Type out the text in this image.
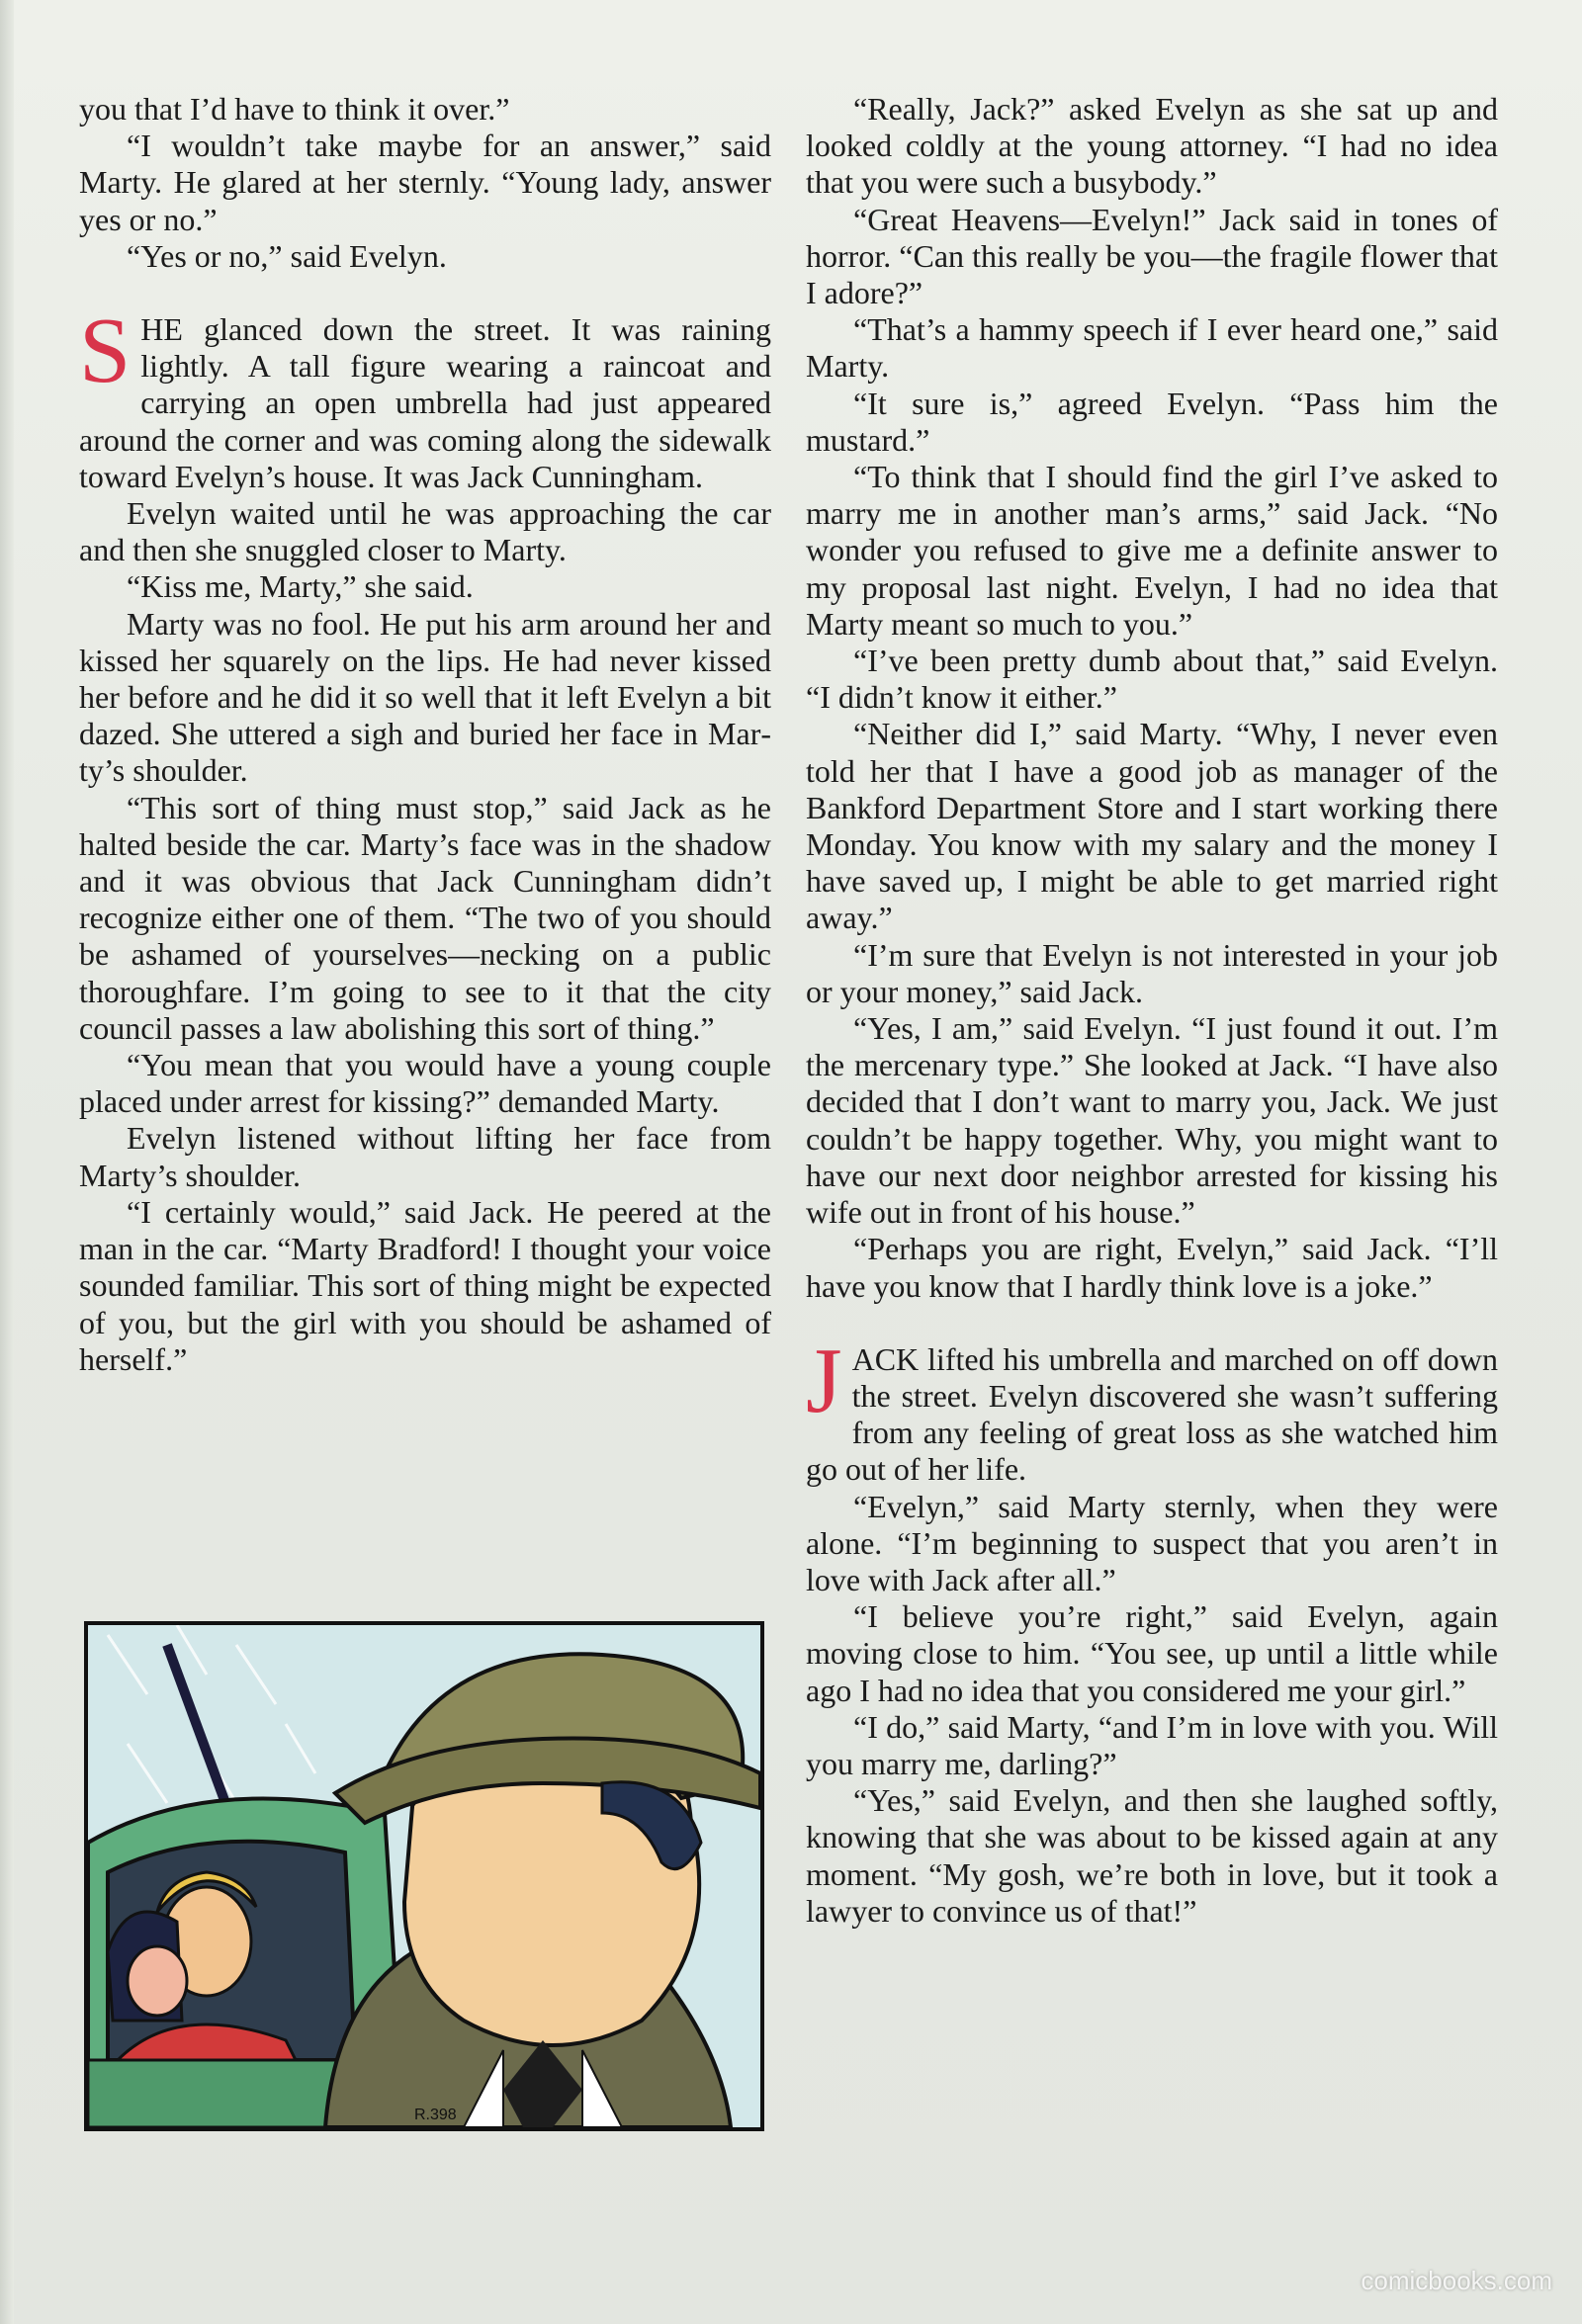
you that I’d have to think it over.”

“I wouldn’t take maybe for an answer,” said Marty. He glared at her sternly. “Young lady, answer yes or no.”

“Yes or no,” said Evelyn.

SHE glanced down the street. It was raining lightly. A tall figure wearing a raincoat and carrying an open umbrella had just appeared around the corner and was coming along the sidewalk toward Evelyn’s house. It was Jack Cunningham.

Evelyn waited until he was approaching the car and then she snuggled closer to Marty.

“Kiss me, Marty,” she said.

Marty was no fool. He put his arm around her and kissed her squarely on the lips. He had never kissed her before and he did it so well that it left Evelyn a bit dazed. She uttered a sigh and buried her face in Marty’s shoulder.

“This sort of thing must stop,” said Jack as he halted beside the car. Marty’s face was in the shadow and it was obvious that Jack Cunningham didn’t recognize either one of them. “The two of you should be ashamed of yourselves—necking on a public thoroughfare. I’m going to see to it that the city council passes a law abolishing this sort of thing.”

“You mean that you would have a young couple placed under arrest for kissing?” demanded Marty.

Evelyn listened without lifting her face from Marty’s shoulder.

“I certainly would,” said Jack. He peered at the man in the car. “Marty Bradford! I thought your voice sounded familiar. This sort of thing might be expected of you, but the girl with you should be ashamed of herself.”

“Really, Jack?” asked Evelyn as she sat up and looked coldly at the young attorney. “I had no idea that you were such a busybody.”

“Great Heavens—Evelyn!” Jack said in tones of horror. “Can this really be you—the fragile flower that I adore?”

“That’s a hammy speech if I ever heard one,” said Marty.

“It sure is,” agreed Evelyn. “Pass him the mustard.”

“To think that I should find the girl I’ve asked to marry me in another man’s arms,” said Jack. “No wonder you refused to give me a definite answer to my proposal last night. Evelyn, I had no idea that Marty meant so much to you.”

“I’ve been pretty dumb about that,” said Evelyn. “I didn’t know it either.”

“Neither did I,” said Marty. “Why, I never even told her that I have a good job as manager of the Bankford Department Store and I start working there Monday. You know with my salary and the money I have saved up, I might be able to get married right away.”

“I’m sure that Evelyn is not interested in your job or your money,” said Jack.

“Yes, I am,” said Evelyn. “I just found it out. I’m the mercenary type.” She looked at Jack. “I have also decided that I don’t want to marry you, Jack. We just couldn’t be happy together. Why, you might want to have our next door neighbor arrested for kissing his wife out in front of his house.”

“Perhaps you are right, Evelyn,” said Jack. “I’ll have you know that I hardly think love is a joke.”

JACK lifted his umbrella and marched on off down the street. Evelyn discovered she wasn’t suffering from any feeling of great loss as she watched him go out of her life.

“Evelyn,” said Marty sternly, when they were alone. “I’m beginning to suspect that you aren’t in love with Jack after all.”

“I believe you’re right,” said Evelyn, again moving close to him. “You see, up until a little while ago I had no idea that you considered me your girl.”

“I do,” said Marty, “and I’m in love with you. Will you marry me, darling?”

“Yes,” said Evelyn, and then she laughed softly, knowing that she was about to be kissed again at any moment. “My gosh, we’re both in love, but it took a lawyer to convince us of that!”

R.398
comicbooks.com
